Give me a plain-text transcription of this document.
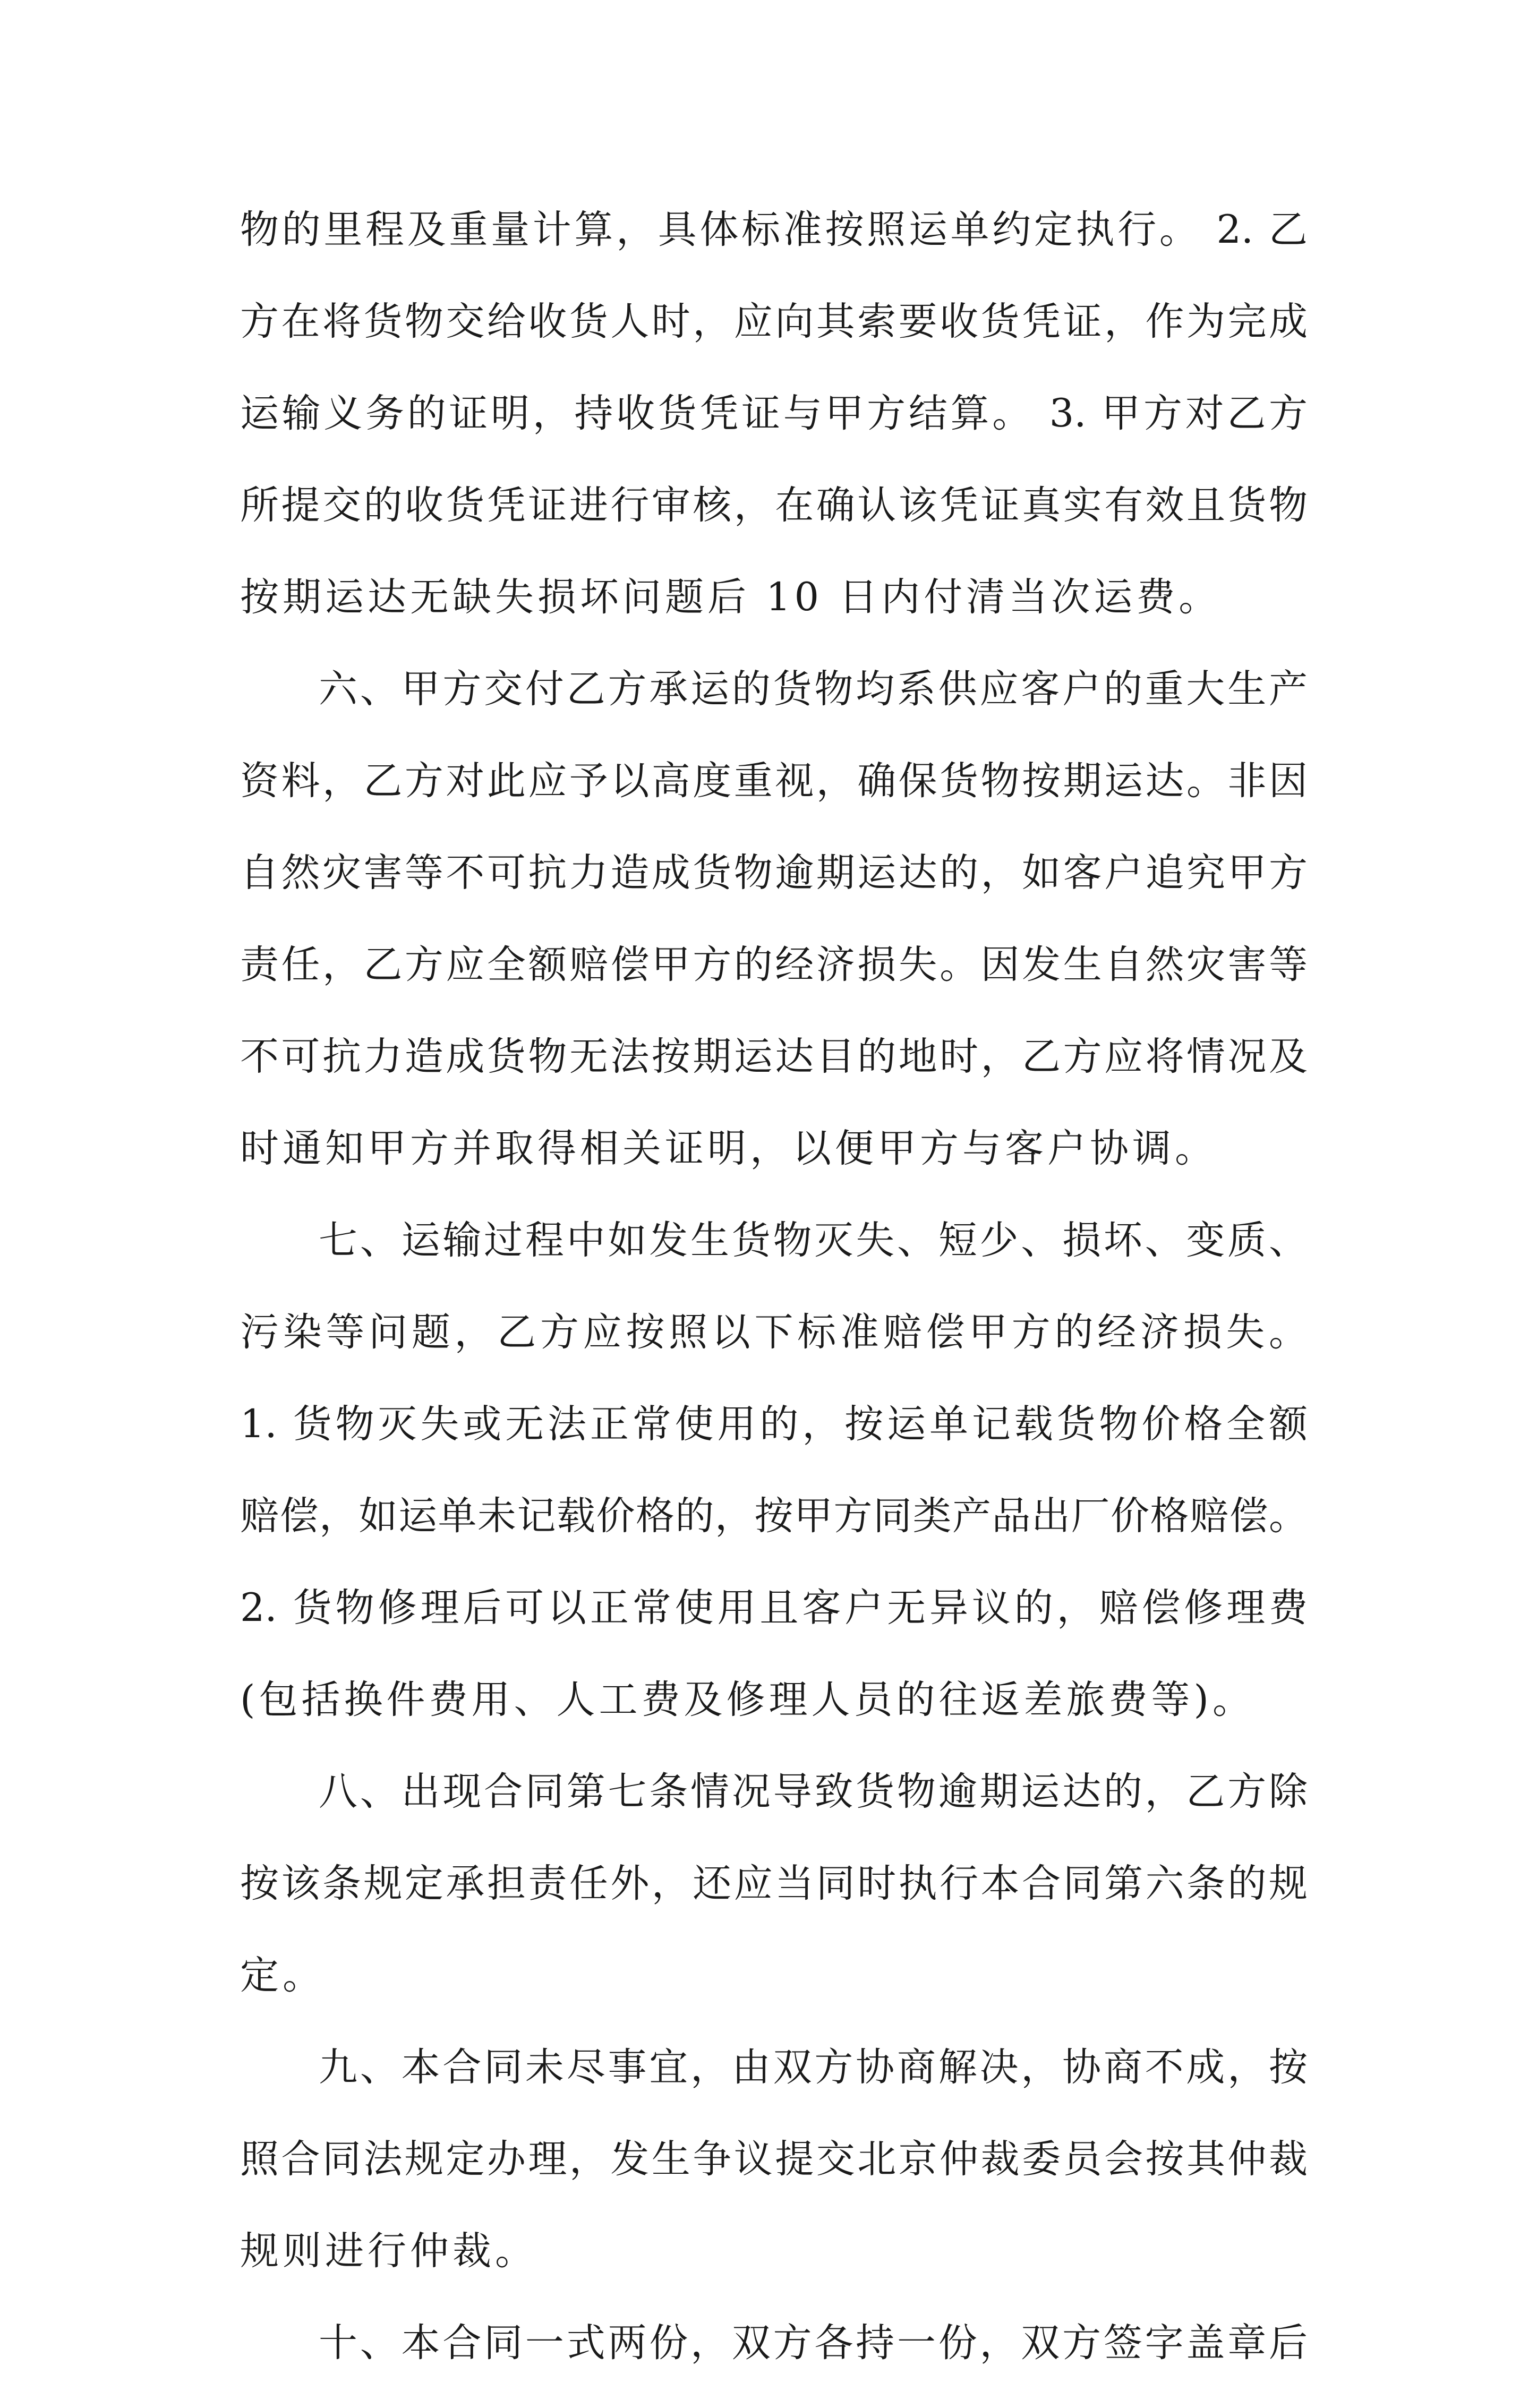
物的里程及重量计算，具体标准按照运单约定执行。 2. 乙
方在将货物交给收货人时，应向其索要收货凭证，作为完成
运输义务的证明，持收货凭证与甲方结算。 3. 甲方对乙方
所提交的收货凭证进行审核，在确认该凭证真实有效且货物
按期运达无缺失损坏问题后 10 日内付清当次运费。
六、甲方交付乙方承运的货物均系供应客户的重大生产
资料，乙方对此应予以高度重视，确保货物按期运达。非因
自然灾害等不可抗力造成货物逾期运达的，如客户追究甲方
责任，乙方应全额赔偿甲方的经济损失。因发生自然灾害等
不可抗力造成货物无法按期运达目的地时，乙方应将情况及
时通知甲方并取得相关证明，以便甲方与客户协调。
七、运输过程中如发生货物灭失、短少、损坏、变质、
污染等问题，乙方应按照以下标准赔偿甲方的经济损失。
1. 货物灭失或无法正常使用的，按运单记载货物价格全额
赔偿，如运单未记载价格的，按甲方同类产品出厂价格赔偿。
2. 货物修理后可以正常使用且客户无异议的，赔偿修理费
(包括换件费用、人工费及修理人员的往返差旅费等)。
八、出现合同第七条情况导致货物逾期运达的，乙方除
按该条规定承担责任外，还应当同时执行本合同第六条的规
定。
九、本合同未尽事宜，由双方协商解决，协商不成，按
照合同法规定办理，发生争议提交北京仲裁委员会按其仲裁
规则进行仲裁。
十、本合同一式两份，双方各持一份，双方签字盖章后
